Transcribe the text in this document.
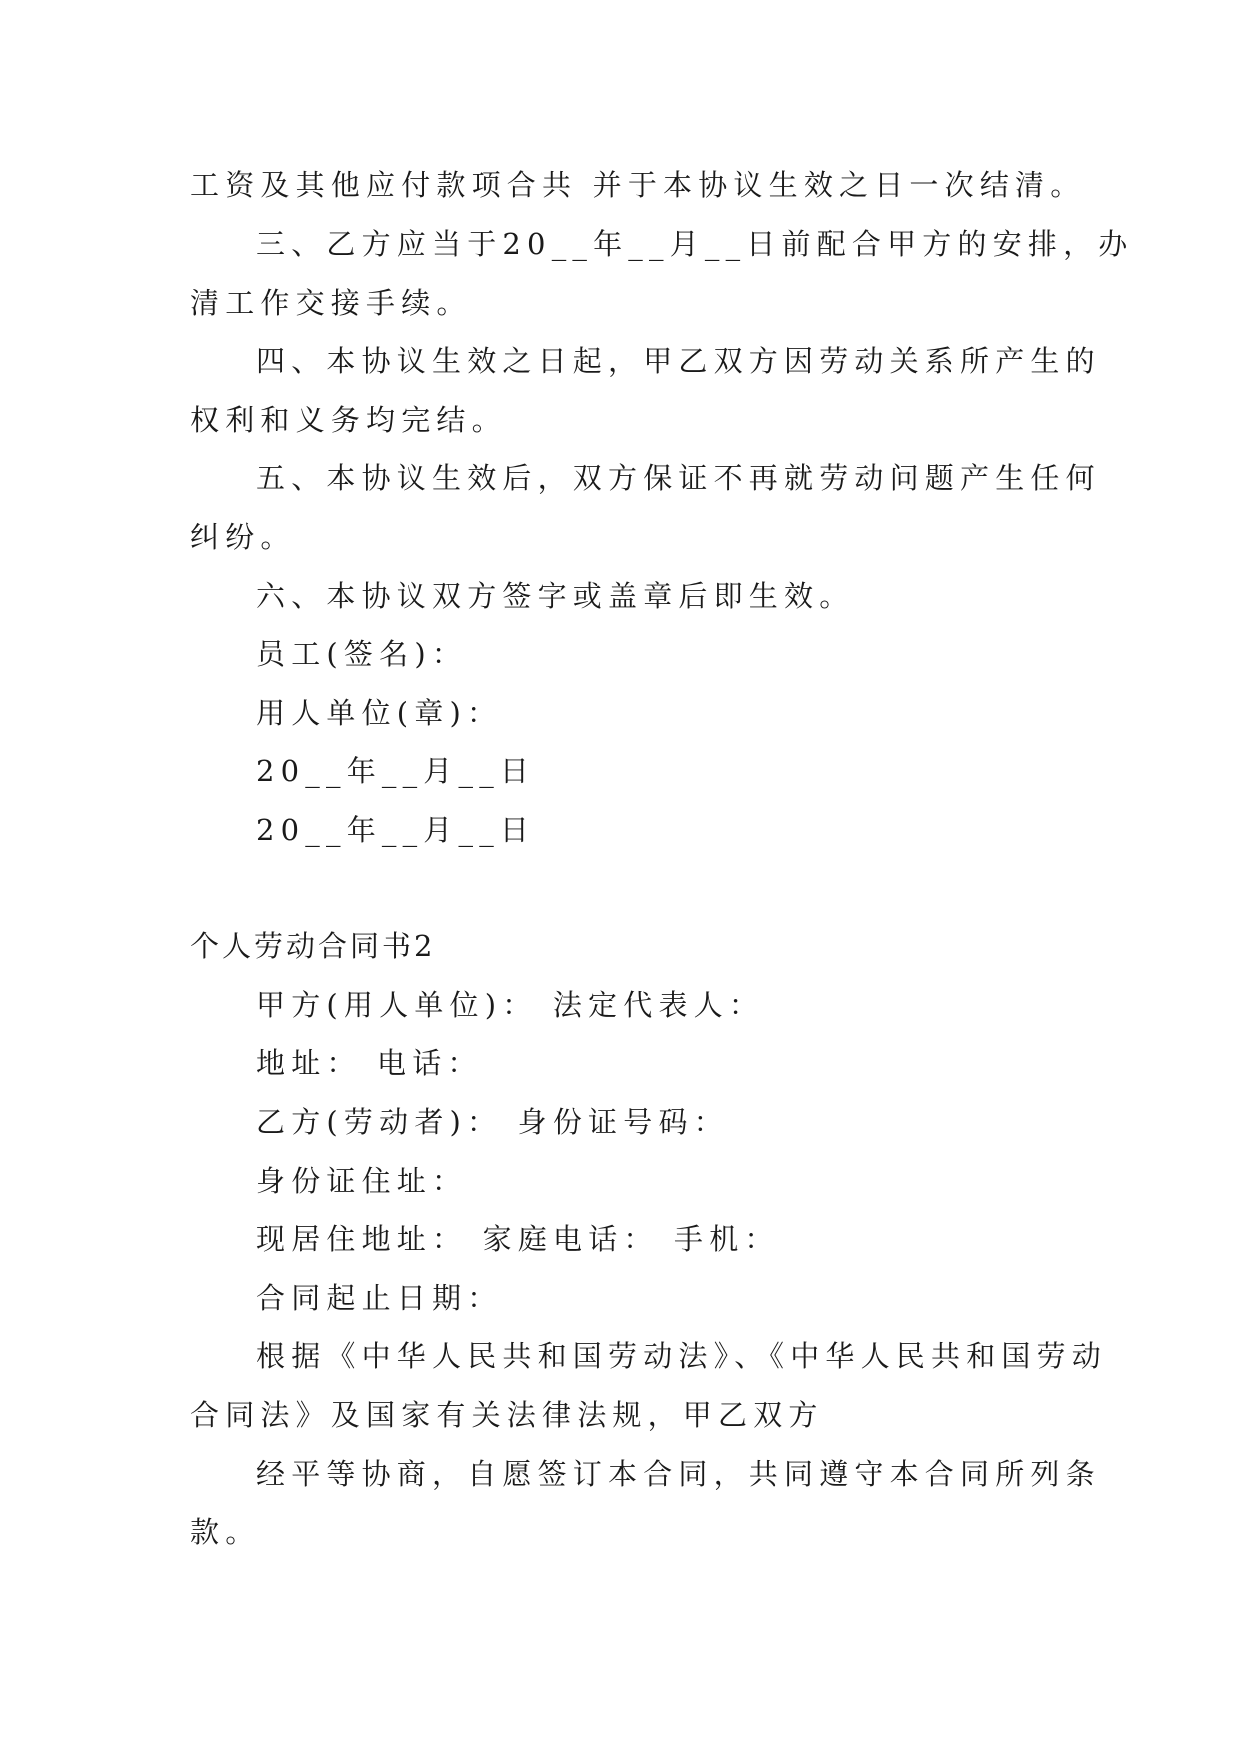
工资及其他应付款项合共 并于本协议生效之日一次结清。
三、乙方应当于20__年__月__日前配合甲方的安排，办
清工作交接手续。
四、本协议生效之日起，甲乙双方因劳动关系所产生的
权利和义务均完结。
五、本协议生效后，双方保证不再就劳动问题产生任何
纠纷。
六、本协议双方签字或盖章后即生效。
员工(签名)：
用人单位(章)：
20__年__月__日
20__年__月__日
个人劳动合同书2
甲方(用人单位)： 法定代表人：
地址： 电话：
乙方(劳动者)： 身份证号码：
身份证住址：
现居住地址： 家庭电话： 手机：
合同起止日期：
根据《中华人民共和国劳动法》、《中华人民共和国劳动
合同法》及国家有关法律法规，甲乙双方
经平等协商，自愿签订本合同，共同遵守本合同所列条
款。
